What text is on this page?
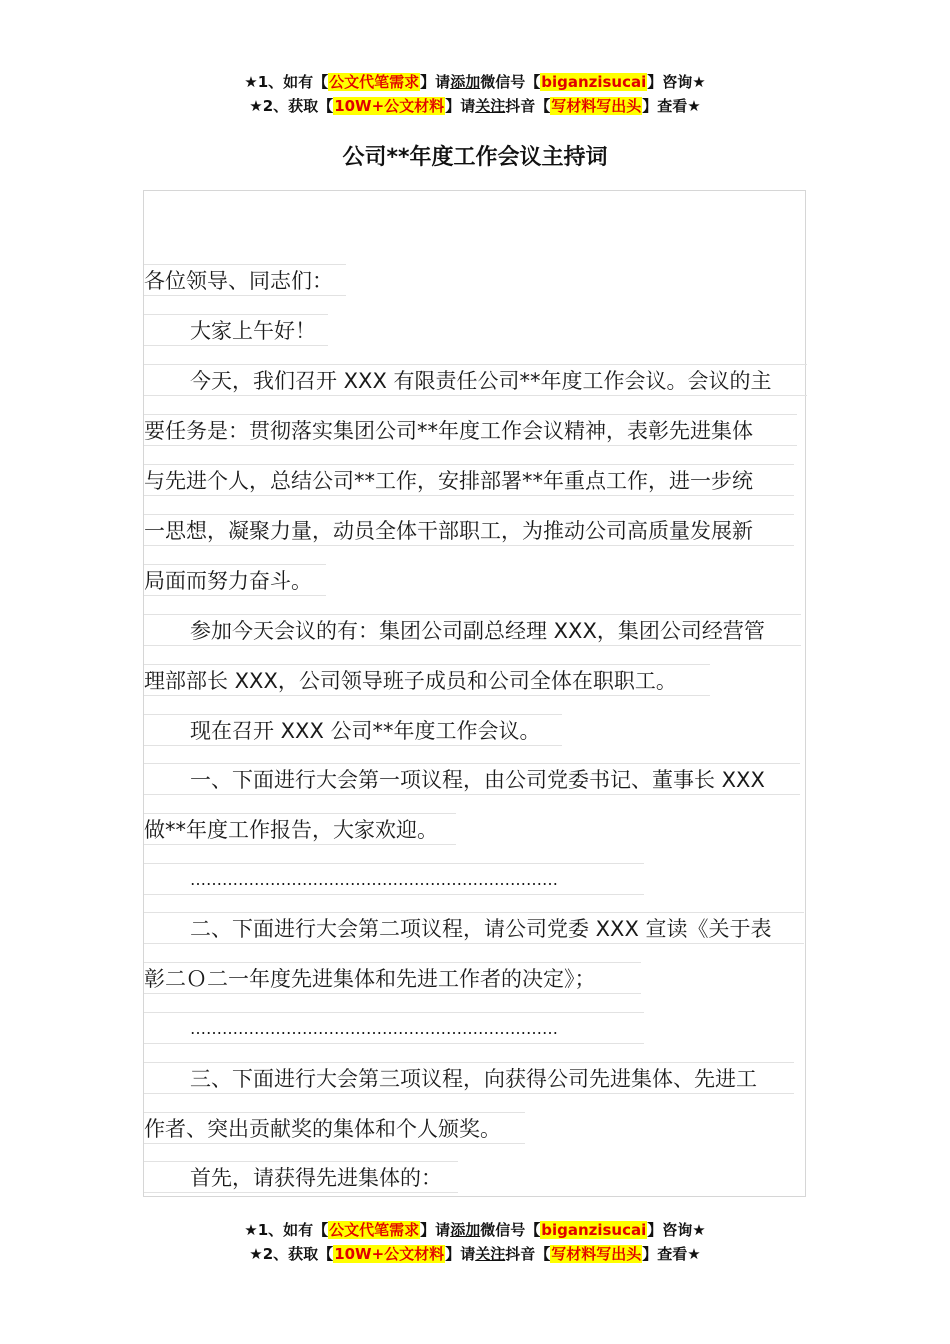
★1、如有【公文代笔需求】请添加微信号【biganzisucai】咨询★
★2、获取【10W+公文材料】请关注抖音【写材料写出头】查看★
公司**年度工作会议主持词
各位领导、同志们：
大家上午好！
今天，我们召开 XXX 有限责任公司**年度工作会议。会议的主
要任务是：贯彻落实集团公司**年度工作会议精神，表彰先进集体
与先进个人，总结公司**工作，安排部署**年重点工作，进一步统
一思想，凝聚力量，动员全体干部职工，为推动公司高质量发展新
局面而努力奋斗。
参加今天会议的有：集团公司副总经理 XXX，集团公司经营管
理部部长 XXX，公司领导班子成员和公司全体在职职工。
现在召开 XXX 公司**年度工作会议。
一、下面进行大会第一项议程，由公司党委书记、董事长 XXX
做**年度工作报告，大家欢迎。
……………………………………………………………
二、下面进行大会第二项议程，请公司党委 XXX 宣读《关于表
彰二Ｏ二一年度先进集体和先进工作者的决定》；
……………………………………………………………
三、下面进行大会第三项议程，向获得公司先进集体、先进工
作者、突出贡献奖的集体和个人颁奖。
首先，请获得先进集体的：
★1、如有【公文代笔需求】请添加微信号【biganzisucai】咨询★
★2、获取【10W+公文材料】请关注抖音【写材料写出头】查看★
